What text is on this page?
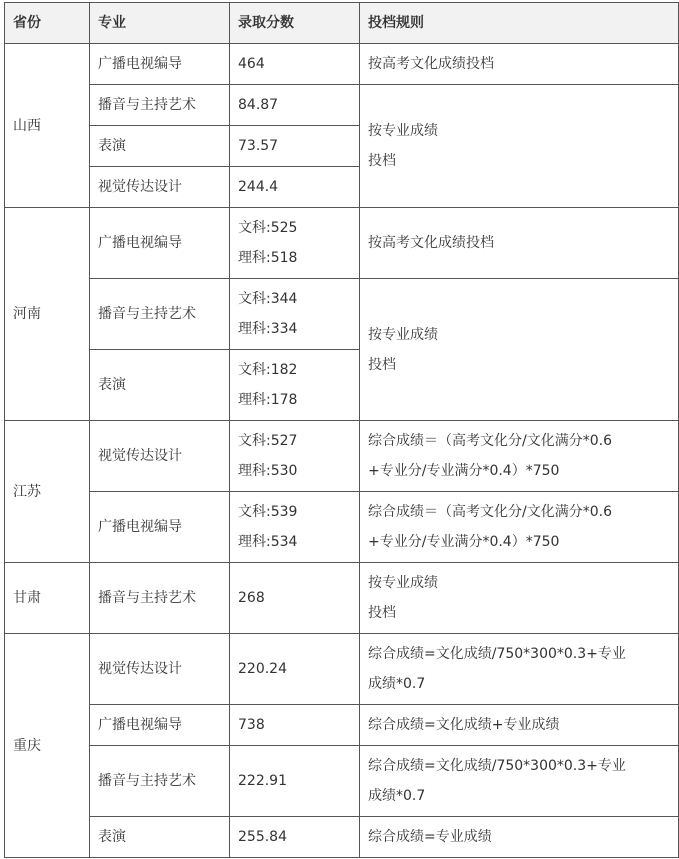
省份	专业	录取分数	投档规则
山西	广播电视编导	464	按高考文化成绩投档

	播音与主持艺术	84.87	按专业成绩
投档

	表演	73.57	

	视觉传达设计	244.4	

河南	广播电视编导	文科:525
理科:518	按高考文化成绩投档

	播音与主持艺术	文科:344
理科:334	按专业成绩
投档

	表演	文科:182
理科:178	

江苏	视觉传达设计	文科:527
理科:530	综合成绩＝（高考文化分/文化满分*0.6
+专业分/专业满分*0.4）*750

	广播电视编导	文科:539
理科:534	综合成绩＝（高考文化分/文化满分*0.6
+专业分/专业满分*0.4）*750

甘肃	播音与主持艺术	268	按专业成绩
投档

重庆	视觉传达设计	220.24	综合成绩=文化成绩/750*300*0.3+专业
成绩*0.7

	广播电视编导	738	综合成绩=文化成绩+专业成绩

	播音与主持艺术	222.91	综合成绩=文化成绩/750*300*0.3+专业
成绩*0.7

	表演	255.84	综合成绩=专业成绩
